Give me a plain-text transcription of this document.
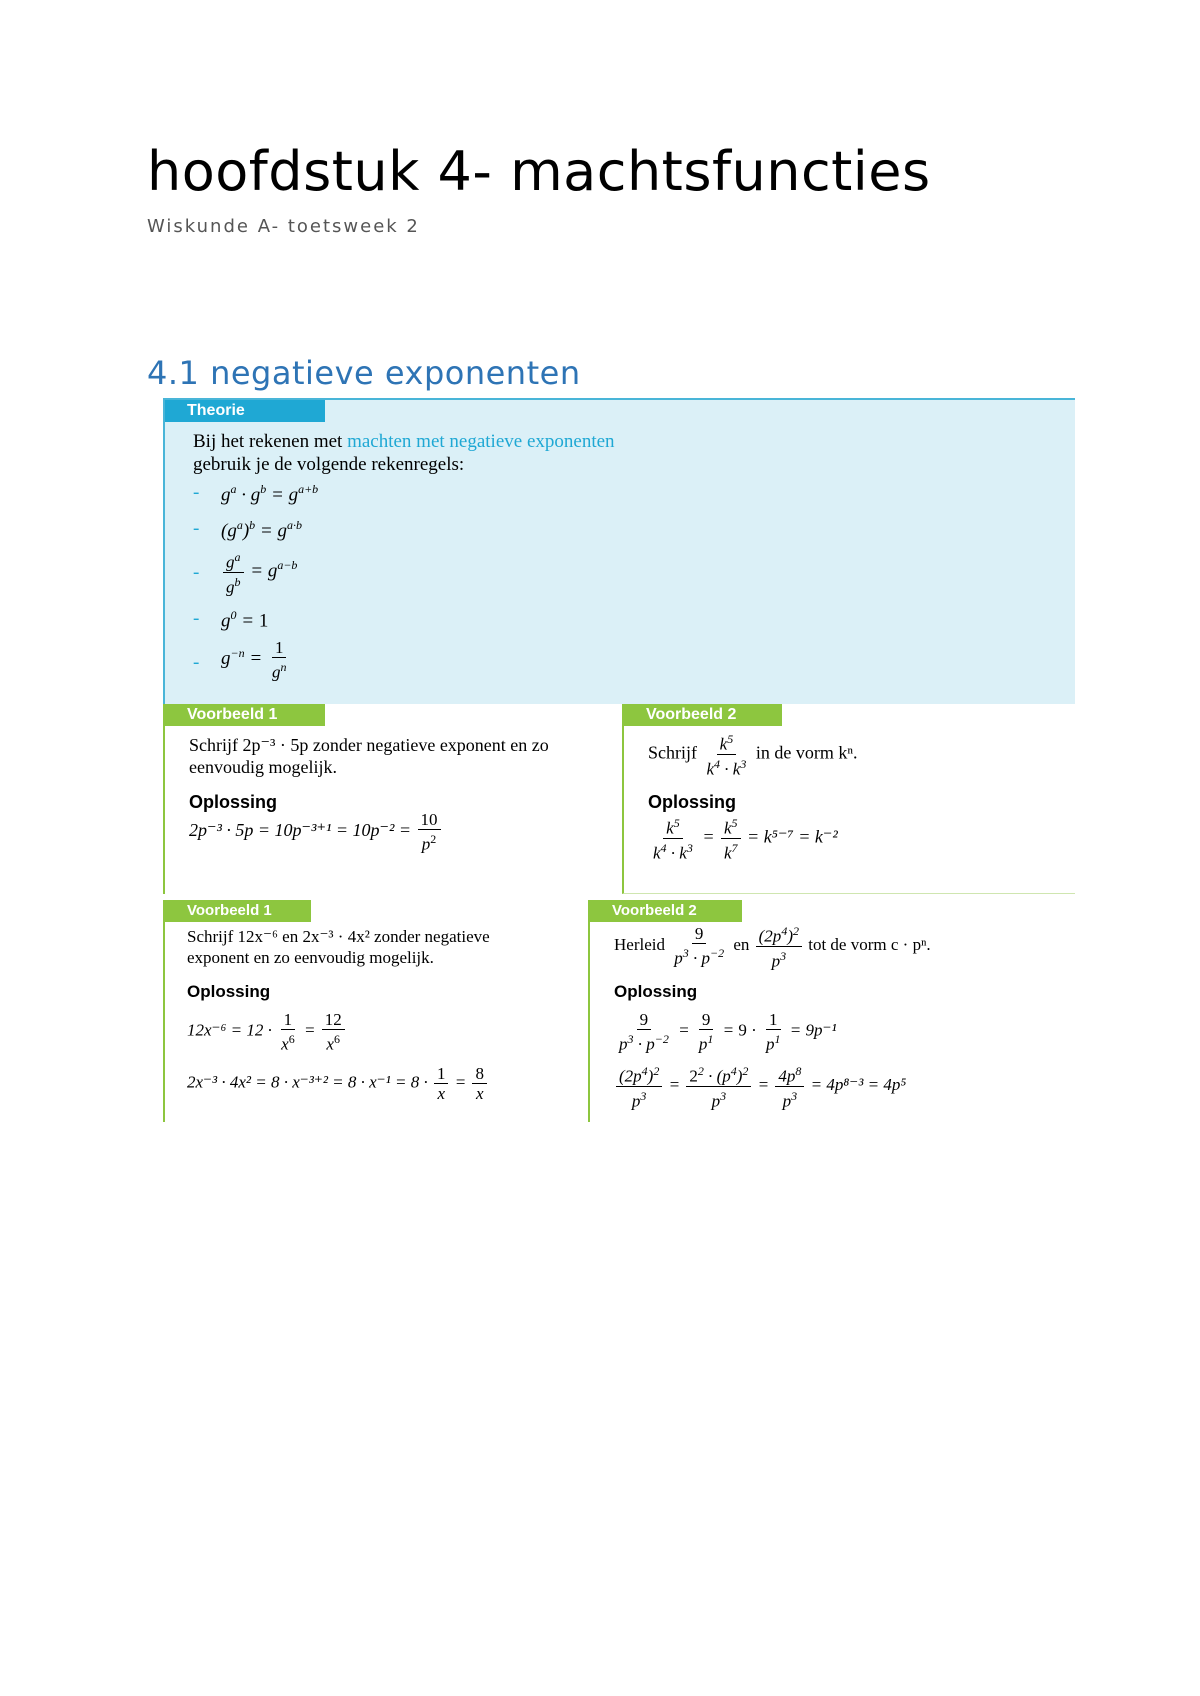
hoofdstuk 4- machtsfuncties
Wiskunde A- toetsweek 2
4.1 negatieve exponenten
Theorie
Bij het rekenen met machten met negatieve exponenten
gebruik je de volgende rekenregels:
- $g^a \cdot g^b = g^{a+b}$
- $(g^a)^b = g^{a\cdot b}$
- $\frac{g^a}{g^b} = g^{a-b}$
- $g^0 = 1$
- $g^{-n} = \frac{1}{g^n}$
Voorbeeld 1
Schrijf 2p⁻³ · 5p zonder negatieve exponent en zo
eenvoudig mogelijk.
Oplossing
$2p^{-3} \cdot 5p = 10p^{-3+1} = 10p^{-2} = \frac{10}{p^2}$
Voorbeeld 2
Schrijf $\frac{k^5}{k^4 \cdot k^3}$ in de vorm kⁿ.
Oplossing
$\frac{k^5}{k^4 \cdot k^3} = \frac{k^5}{k^7} = k^{5-7} = k^{-2}$
Voorbeeld 1
Schrijf 12x⁻⁶ en 2x⁻³ · 4x² zonder negatieve
exponent en zo eenvoudig mogelijk.
Oplossing
$12x^{-6} = 12 \cdot \frac{1}{x^6} = \frac{12}{x^6}$
$2x^{-3} \cdot 4x^2 = 8 \cdot x^{-3+2} = 8 \cdot x^{-1} = 8 \cdot \frac{1}{x} = \frac{8}{x}$
Voorbeeld 2
Herleid $\frac{9}{p^3 \cdot p^{-2}}$ en $\frac{(2p^4)^2}{p^3}$ tot de vorm c · pⁿ.
Oplossing
$\frac{9}{p^3 \cdot p^{-2}} = \frac{9}{p^1} = 9 \cdot \frac{1}{p^1} = 9p^{-1}$
$\frac{(2p^4)^2}{p^3} = \frac{2^2 \cdot (p^4)^2}{p^3} = \frac{4p^8}{p^3} = 4p^{8-3} = 4p^5$
